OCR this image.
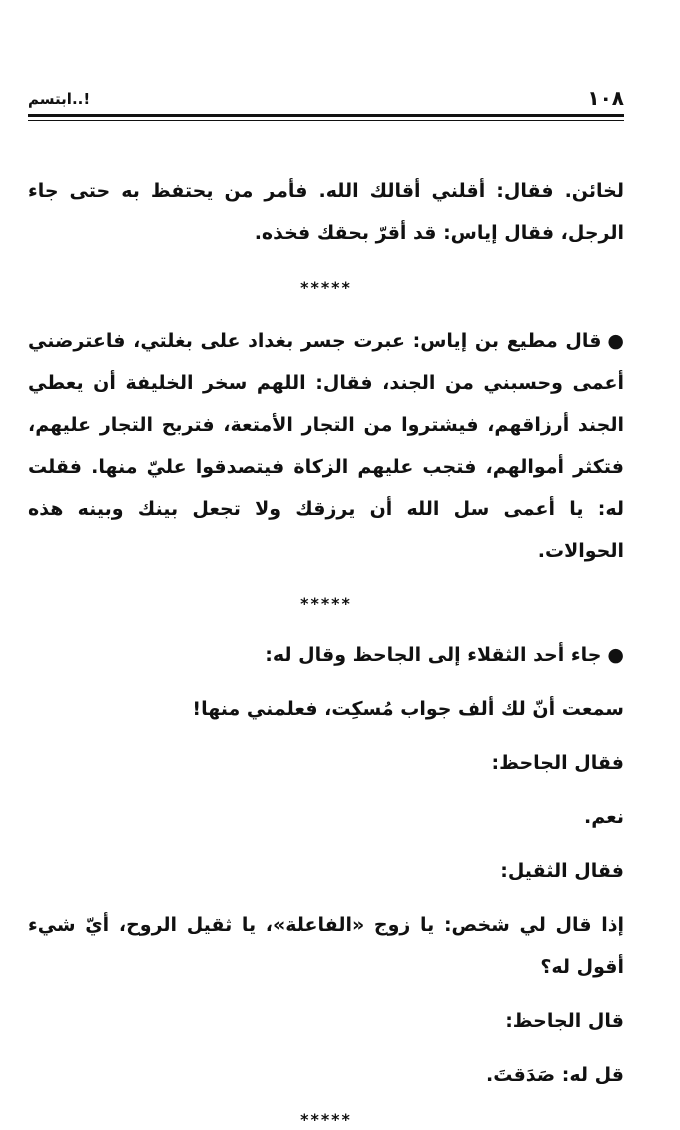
١٠٨
ابتسم..!

لخائن. فقال: أقلني أقالك الله. فأمر من يحتفظ به حتى جاء الرجل، فقال إياس: قد أقرّ بحقك فخذه.

*****

●قال مطيع بن إياس: عبرت جسر بغداد على بغلتي، فاعترضني أعمى وحسبني من الجند، فقال: اللهم سخر الخليفة أن يعطي الجند أرزاقهم، فيشتروا من التجار الأمتعة، فتربح التجار عليهم، فتكثر أموالهم، فتجب عليهم الزكاة فيتصدقوا عليّ منها. فقلت له: يا أعمى سل الله أن يرزقك ولا تجعل بينك وبينه هذه الحوالات.

*****

●جاء أحد الثقلاء إلى الجاحظ وقال له:

سمعت أنّ لك ألف جواب مُسكِت، فعلمني منها!

فقال الجاحظ:

نعم.

فقال الثقيل:

إذا قال لي شخص: يا زوج «الفاعلة»، يا ثقيل الروح، أيّ شيء أقول له؟

قال الجاحظ:

قل له: صَدَقتَ.

*****
